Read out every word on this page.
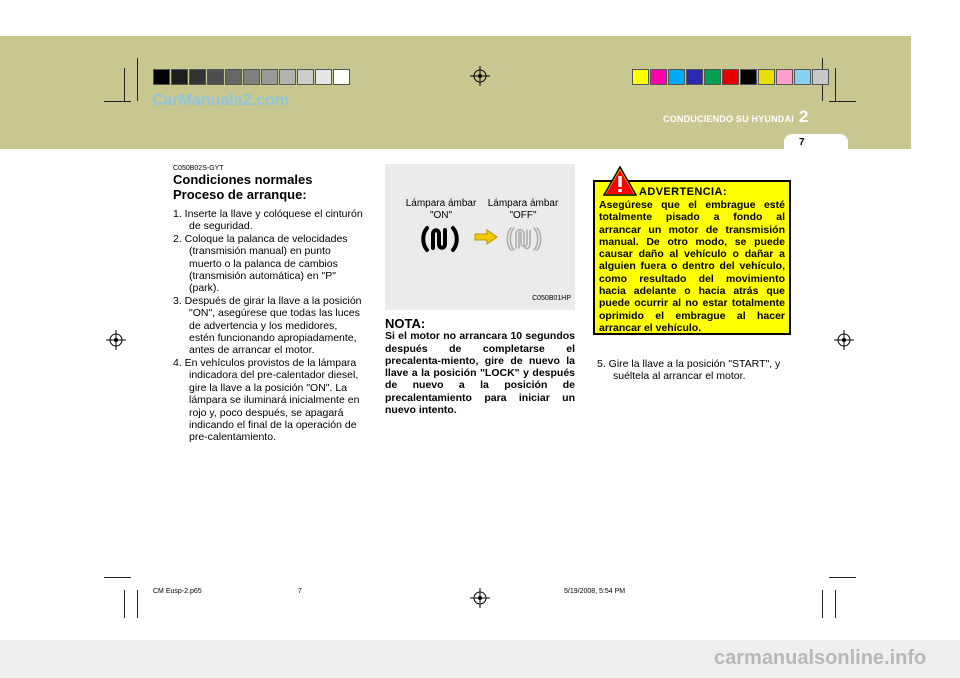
CarManuals2.com
carmanualsonline.info
CONDUCIENDO SU HYUNDAI 2
7
C050B02S-GYT
Condiciones normales
Proceso de arranque:
1. Inserte la llave y colóquese el cinturón de seguridad.
2. Coloque la palanca de velocidades (transmisión manual) en punto muerto o la palanca de cambios (transmisión automática) en "P" (park).
3. Después de girar la llave a la posición "ON", asegúrese que todas las luces de advertencia y los medidores, estén funcionando apropiadamente, antes de arrancar el motor.
4. En vehículos provistos de la lámpara indicadora del pre-calentador diesel, gire la llave a la posición "ON". La lámpara se iluminará inicialmente en rojo y, poco después, se apagará indicando el final de la operación de pre-calentamiento.
Lámpara ámbar
"ON"
Lámpara ámbar
"OFF"
C050B01HP
NOTA:
Si el motor no arrancara 10 segundos después de completarse el precalenta-miento, gire de nuevo la llave a la posición "LOCK" y después de nuevo a la posición de precalentamiento para iniciar un nuevo intento.
ADVERTENCIA:
Asegúrese que el embrague esté totalmente pisado a fondo al arrancar un motor de transmisión manual. De otro modo, se puede causar daño al vehículo o dañar a alguien fuera o dentro del vehículo, como resultado del movimiento hacia adelante o hacia atrás que puede ocurrir al no estar totalmente oprimido el embrague al hacer arrancar el vehículo.
5. Gire la llave a la posición "START", y suéltela al arrancar el motor.
CM Eusp-2.p65	7	5/19/2008, 5:54 PM
